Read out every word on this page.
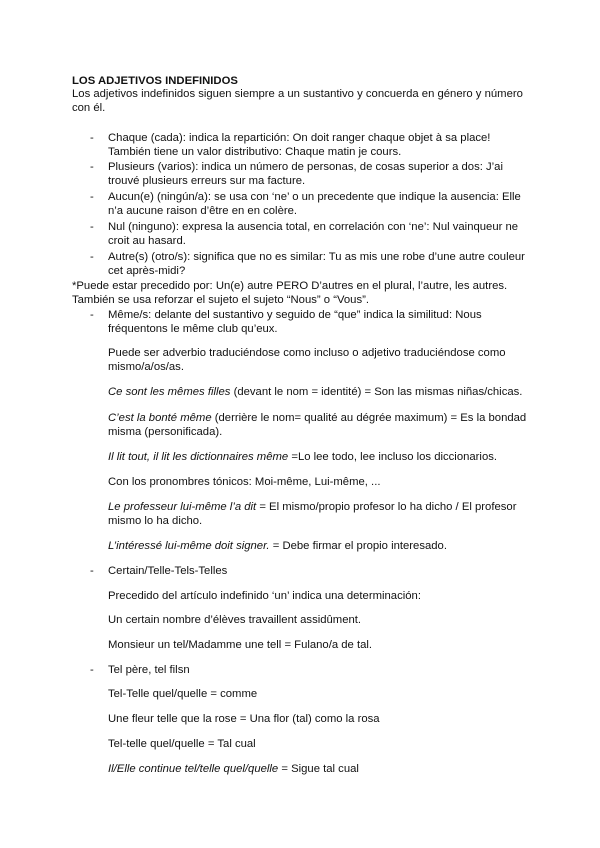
LOS ADJETIVOS INDEFINIDOS
Los adjetivos indefinidos siguen siempre a un sustantivo y concuerda en género y número
con él.
- Chaque (cada): indica la repartición: On doit ranger chaque objet à sa place!
También tiene un valor distributivo: Chaque matin je cours.
- Plusieurs (varios): indica un número de personas, de cosas superior a dos: J’ai
trouvé plusieurs erreurs sur ma facture.
- Aucun(e) (ningún/a): se usa con ‘ne’ o un precedente que indique la ausencia: Elle
n’a aucune raison d’être en en colère.
- Nul (ninguno): expresa la ausencia total, en correlación con ‘ne’: Nul vainqueur ne
croit au hasard.
- Autre(s) (otro/s): significa que no es similar: Tu as mis une robe d’une autre couleur
cet après-midi?
*Puede estar precedido por: Un(e) autre PERO D’autres en el plural, l’autre, les autres.
También se usa reforzar el sujeto el sujeto “Nous” o “Vous”.
- Même/s: delante del sustantivo y seguido de “que” indica la similitud: Nous
fréquentons le même club qu’eux.
Puede ser adverbio traduciéndose como incluso o adjetivo traduciéndose como
mismo/a/os/as.
Ce sont les mêmes filles (devant le nom = identité) = Son las mismas niñas/chicas.
C’est la bonté même (derrière le nom= qualité au dégrée maximum) = Es la bondad
misma (personificada).
Il lit tout, il lit les dictionnaires même =Lo lee todo, lee incluso los diccionarios.
Con los pronombres tónicos: Moi-même, Lui-même, ...
Le professeur lui-même l’a dit = El mismo/propio profesor lo ha dicho / El profesor
mismo lo ha dicho.
L’intéressé lui-même doit signer. = Debe firmar el propio interesado.
- Certain/Telle-Tels-Telles
Precedido del artículo indefinido ‘un’ indica una determinación:
Un certain nombre d’élèves travaillent assidûment.
Monsieur un tel/Madamme une tell = Fulano/a de tal.
- Tel père, tel filsn
Tel-Telle quel/quelle = comme
Une fleur telle que la rose = Una flor (tal) como la rosa
Tel-telle quel/quelle = Tal cual
Il/Elle continue tel/telle quel/quelle = Sigue tal cual
